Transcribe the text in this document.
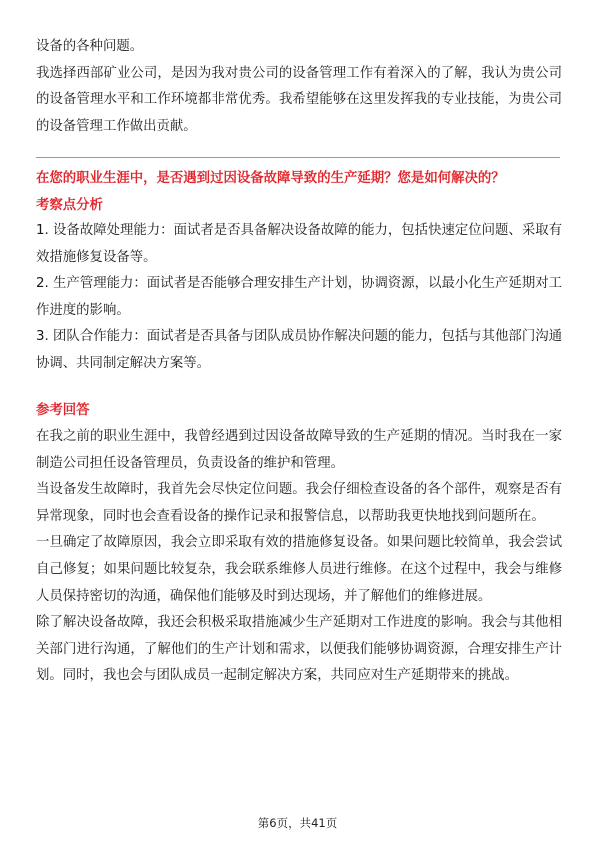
设备的各种问题。

我选择西部矿业公司，是因为我对贵公司的设备管理工作有着深入的了解，我认为贵公司的设备管理水平和工作环境都非常优秀。我希望能够在这里发挥我的专业技能，为贵公司的设备管理工作做出贡献。

在您的职业生涯中，是否遇到过因设备故障导致的生产延期？您是如何解决的？

考察点分析

1. 设备故障处理能力：面试者是否具备解决设备故障的能力，包括快速定位问题、采取有效措施修复设备等。

2. 生产管理能力：面试者是否能够合理安排生产计划，协调资源，以最小化生产延期对工作进度的影响。

3. 团队合作能力：面试者是否具备与团队成员协作解决问题的能力，包括与其他部门沟通协调、共同制定解决方案等。

参考回答

在我之前的职业生涯中，我曾经遇到过因设备故障导致的生产延期的情况。当时我在一家制造公司担任设备管理员，负责设备的维护和管理。

当设备发生故障时，我首先会尽快定位问题。我会仔细检查设备的各个部件，观察是否有异常现象，同时也会查看设备的操作记录和报警信息，以帮助我更快地找到问题所在。

一旦确定了故障原因，我会立即采取有效的措施修复设备。如果问题比较简单，我会尝试自己修复；如果问题比较复杂，我会联系维修人员进行维修。在这个过程中，我会与维修人员保持密切的沟通，确保他们能够及时到达现场，并了解他们的维修进展。

除了解决设备故障，我还会积极采取措施减少生产延期对工作进度的影响。我会与其他相关部门进行沟通，了解他们的生产计划和需求，以便我们能够协调资源，合理安排生产计划。同时，我也会与团队成员一起制定解决方案，共同应对生产延期带来的挑战。

第6页，共41页
